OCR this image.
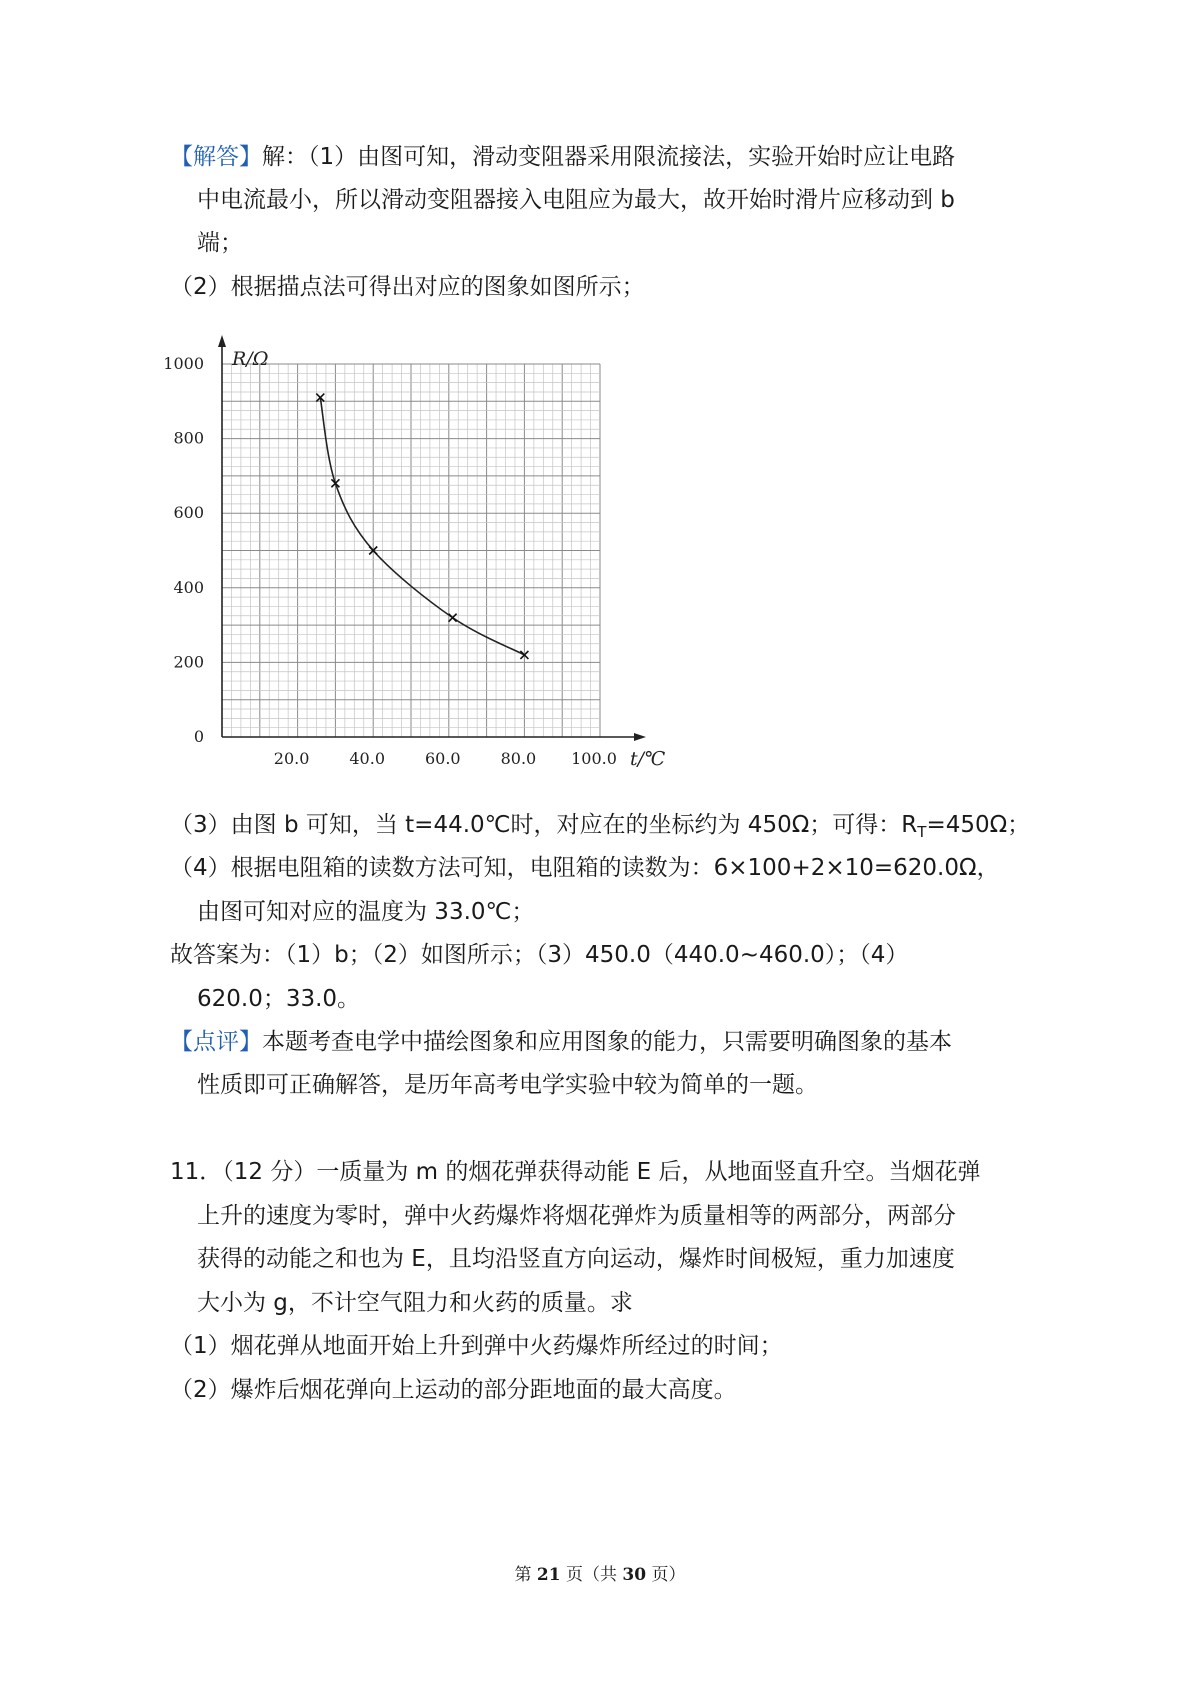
【解答】解：（1）由图可知，滑动变阻器采用限流接法，实验开始时应让电路
中电流最小，所以滑动变阻器接入电阻应为最大，故开始时滑片应移动到 b
端；
（2）根据描点法可得出对应的图象如图所示；
0
200
400
600
800
1000
20.0 40.0 60.0 80.0 100.0 t/℃
R/Ω
（3）由图 b 可知，当 t=44.0℃时，对应在的坐标约为 450Ω；可得：$R_T=450\Omega$；
（4）根据电阻箱的读数方法可知，电阻箱的读数为：6×100+2×10=620.0Ω，
由图可知对应的温度为 33.0℃；
故答案为：（1）b；（2）如图所示；（3）450.0（440.0~460.0）；（4）
620.0；33.0。
【点评】本题考查电学中描绘图象和应用图象的能力，只需要明确图象的基本
性质即可正确解答，是历年高考电学实验中较为简单的一题。
11．（12 分）一质量为 m 的烟花弹获得动能 E 后，从地面竖直升空。当烟花弹
上升的速度为零时，弹中火药爆炸将烟花弹炸为质量相等的两部分，两部分
获得的动能之和也为 E，且均沿竖直方向运动，爆炸时间极短，重力加速度
大小为 g，不计空气阻力和火药的质量。求
（1）烟花弹从地面开始上升到弹中火药爆炸所经过的时间；
（2）爆炸后烟花弹向上运动的部分距地面的最大高度。
第 21 页（共 30 页）
